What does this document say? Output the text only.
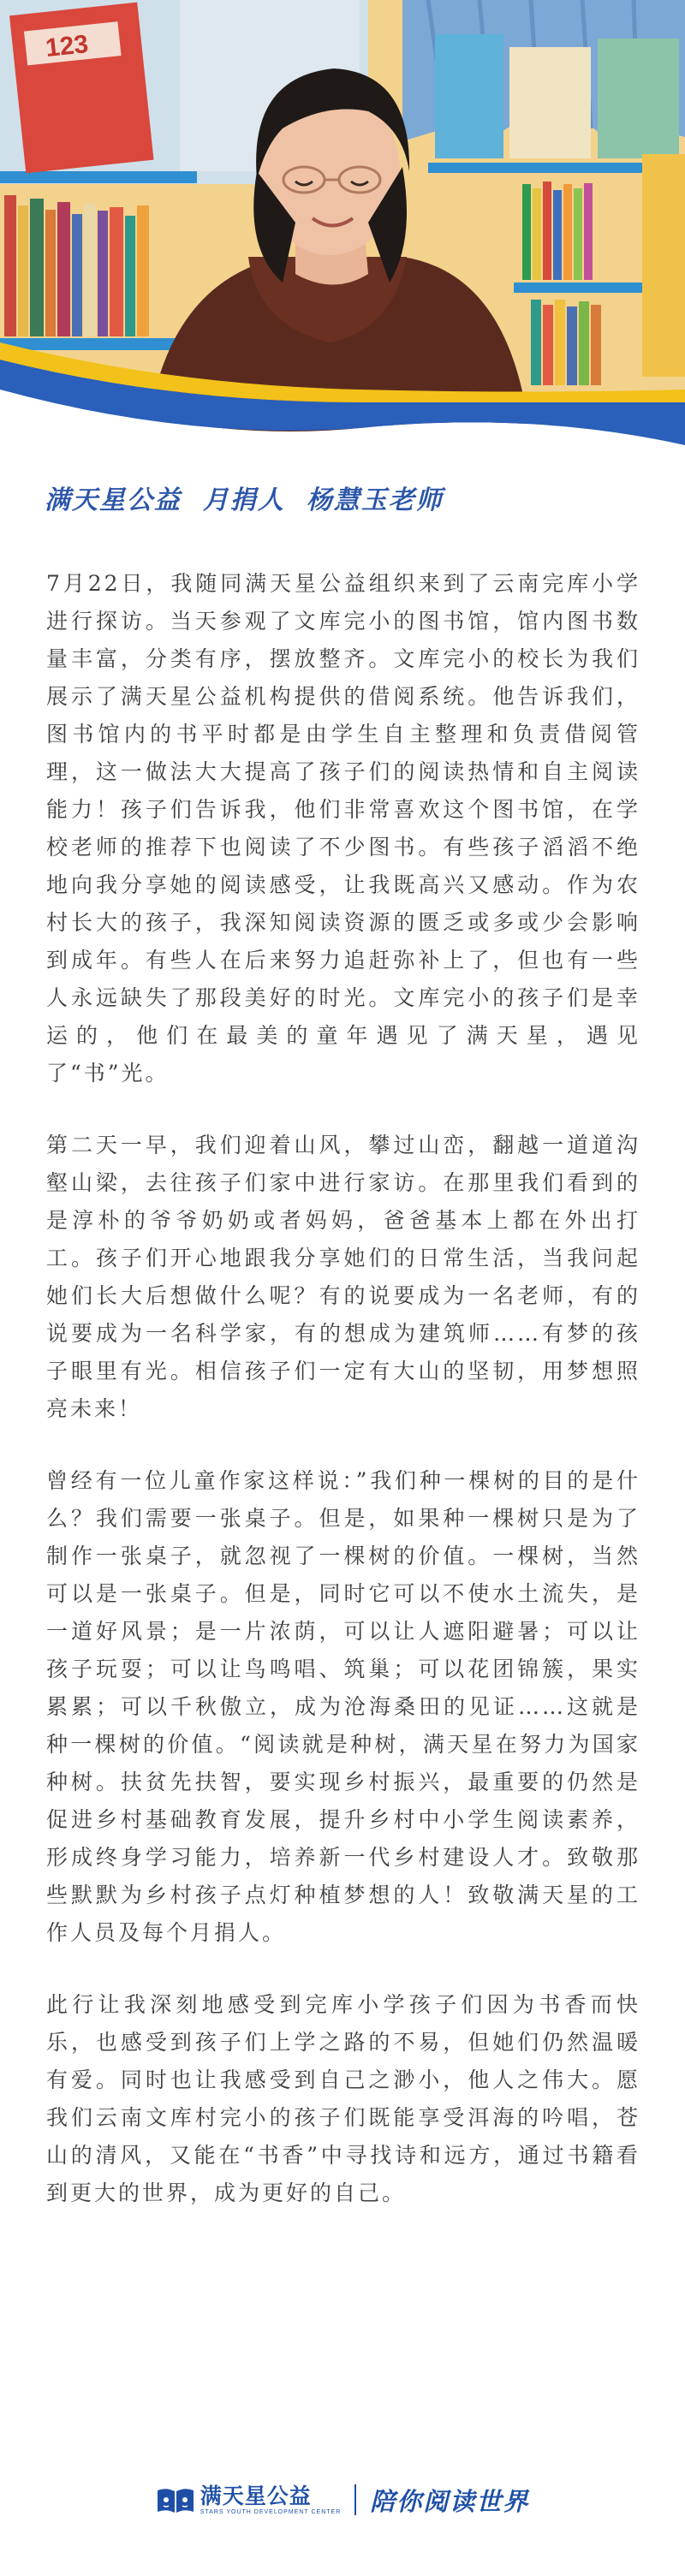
123
满天星公益  月捐人  杨慧玉老师

7月22日，我随同满天星公益组织来到了云南完库小学进行探访。当天参观了文库完小的图书馆，馆内图书数量丰富，分类有序，摆放整齐。文库完小的校长为我们展示了满天星公益机构提供的借阅系统。他告诉我们，图书馆内的书平时都是由学生自主整理和负责借阅管理，这一做法大大提高了孩子们的阅读热情和自主阅读能力！孩子们告诉我，他们非常喜欢这个图书馆，在学校老师的推荐下也阅读了不少图书。有些孩子滔滔不绝地向我分享她的阅读感受，让我既高兴又感动。作为农村长大的孩子，我深知阅读资源的匮乏或多或少会影响到成年。有些人在后来努力追赶弥补上了，但也有一些人永远缺失了那段美好的时光。文库完小的孩子们是幸运的，他们在最美的童年遇见了满天星，遇见了“书”光。

第二天一早，我们迎着山风，攀过山峦，翻越一道道沟壑山梁，去往孩子们家中进行家访。在那里我们看到的是淳朴的爷爷奶奶或者妈妈，爸爸基本上都在外出打工。孩子们开心地跟我分享她们的日常生活，当我问起她们长大后想做什么呢？有的说要成为一名老师，有的说要成为一名科学家，有的想成为建筑师……有梦的孩子眼里有光。相信孩子们一定有大山的坚韧，用梦想照亮未来！

曾经有一位儿童作家这样说：”我们种一棵树的目的是什么？我们需要一张桌子。但是，如果种一棵树只是为了制作一张桌子，就忽视了一棵树的价值。一棵树，当然可以是一张桌子。但是，同时它可以不使水土流失，是一道好风景；是一片浓荫，可以让人遮阳避暑；可以让孩子玩耍；可以让鸟鸣唱、筑巢；可以花团锦簇，果实累累；可以千秋傲立，成为沧海桑田的见证……这就是种一棵树的价值。“阅读就是种树，满天星在努力为国家种树。扶贫先扶智，要实现乡村振兴，最重要的仍然是促进乡村基础教育发展，提升乡村中小学生阅读素养，形成终身学习能力，培养新一代乡村建设人才。致敬那些默默为乡村孩子点灯种植梦想的人！致敬满天星的工作人员及每个月捐人。

此行让我深刻地感受到完库小学孩子们因为书香而快乐，也感受到孩子们上学之路的不易，但她们仍然温暖有爱。同时也让我感受到自己之渺小，他人之伟大。愿我们云南文库村完小的孩子们既能享受洱海的吟唱，苍山的清风，又能在“书香”中寻找诗和远方，通过书籍看到更大的世界，成为更好的自己。

满天星公益
STARS YOUTH DEVELOPMENT CENTER 陪你阅读世界
